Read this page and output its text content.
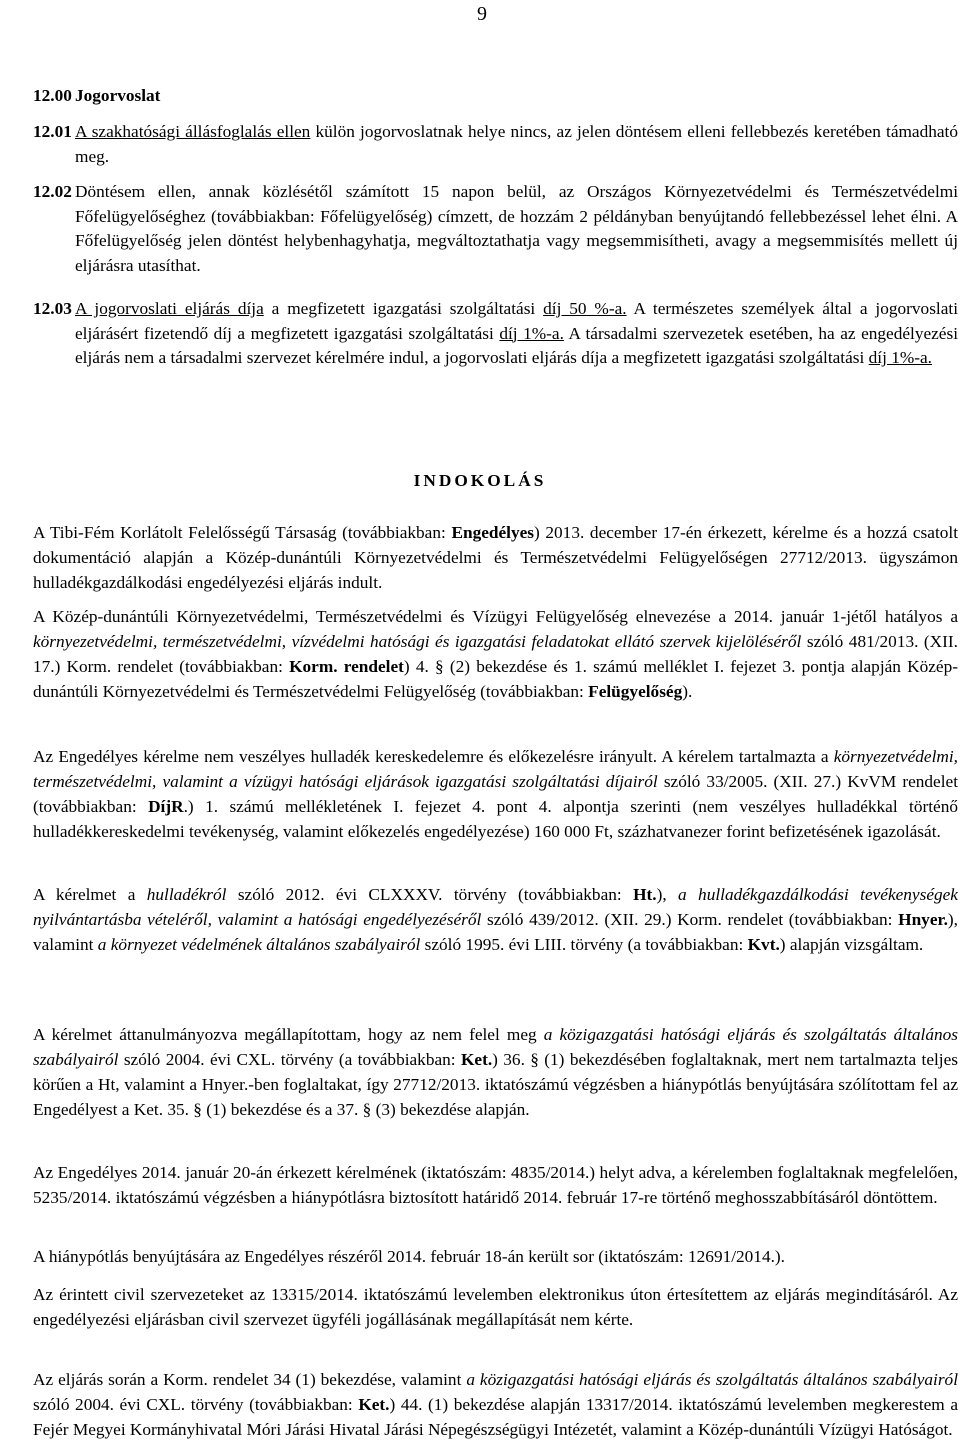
9
12.00 Jogorvoslat
12.01 A szakhatósági állásfoglalás ellen külön jogorvoslatnak helye nincs, az jelen döntésem elleni fellebbezés keretében támadható meg.
12.02 Döntésem ellen, annak közlésétől számított 15 napon belül, az Országos Környezetvédelmi és Természetvédelmi Főfelügyelőséghez (továbbiakban: Főfelügyelőség) címzett, de hozzám 2 példányban benyújtandó fellebbezéssel lehet élni. A Főfelügyelőség jelen döntést helybenhagyhatja, megváltoztathatja vagy megsemmisítheti, avagy a megsemmisítés mellett új eljárásra utasíthat.
12.03 A jogorvoslati eljárás díja a megfizetett igazgatási szolgáltatási díj 50 %-a. A természetes személyek által a jogorvoslati eljárásért fizetendő díj a megfizetett igazgatási szolgáltatási díj 1%-a. A társadalmi szervezetek esetében, ha az engedélyezési eljárás nem a társadalmi szervezet kérelmére indul, a jogorvoslati eljárás díja a megfizetett igazgatási szolgáltatási díj 1%-a.
INDOKOLÁS
A Tibi-Fém Korlátolt Felelősségű Társaság (továbbiakban: Engedélyes) 2013. december 17-én érkezett, kérelme és a hozzá csatolt dokumentáció alapján a Közép-dunántúli Környezetvédelmi és Természetvédelmi Felügyelőségen 27712/2013. ügyszámon hulladékgazdálkodási engedélyezési eljárás indult.
A Közép-dunántúli Környezetvédelmi, Természetvédelmi és Vízügyi Felügyelőség elnevezése a 2014. január 1-jétől hatályos a környezetvédelmi, természetvédelmi, vízvédelmi hatósági és igazgatási feladatokat ellátó szervek kijelöléséről szóló 481/2013. (XII. 17.) Korm. rendelet (továbbiakban: Korm. rendelet) 4. § (2) bekezdése és 1. számú melléklet I. fejezet 3. pontja alapján Közép- dunántúli Környezetvédelmi és Természetvédelmi Felügyelőség (továbbiakban: Felügyelőség).
Az Engedélyes kérelme nem veszélyes hulladék kereskedelemre és előkezelésre irányult. A kérelem tartalmazta a környezetvédelmi, természetvédelmi, valamint a vízügyi hatósági eljárások igazgatási szolgáltatási díjairól szóló 33/2005. (XII. 27.) KvVM rendelet (továbbiakban: DíjR.) 1. számú mellékletének I. fejezet 4. pont 4. alpontja szerinti (nem veszélyes hulladékkal történő hulladékkereskedelmi tevékenység, valamint előkezelés engedélyezése) 160 000 Ft, százhatvanezer forint befizetésének igazolását.
A kérelmet a hulladékról szóló 2012. évi CLXXXV. törvény (továbbiakban: Ht.), a hulladékgazdálkodási tevékenységek nyilvántartásba vételéről, valamint a hatósági engedélyezéséről szóló 439/2012. (XII. 29.) Korm. rendelet (továbbiakban: Hnyer.), valamint a környezet védelmének általános szabályairól szóló 1995. évi LIII. törvény (a továbbiakban: Kvt.) alapján vizsgáltam.
A kérelmet áttanulmányozva megállapítottam, hogy az nem felel meg a közigazgatási hatósági eljárás és szolgáltatás általános szabályairól szóló 2004. évi CXL. törvény (a továbbiakban: Ket.) 36. § (1) bekezdésében foglaltaknak, mert nem tartalmazta teljes körűen a Ht, valamint a Hnyer.-ben foglaltakat, így 27712/2013. iktatószámú végzésben a hiánypótlás benyújtására szólítottam fel az Engedélyest a Ket. 35. § (1) bekezdése és a 37. § (3) bekezdése alapján.
Az Engedélyes 2014. január 20-án érkezett kérelmének (iktatószám: 4835/2014.) helyt adva, a kérelemben foglaltaknak megfelelően, 5235/2014. iktatószámú végzésben a hiánypótlásra biztosított határidő 2014. február 17-re történő meghosszabbításáról döntöttem.
A hiánypótlás benyújtására az Engedélyes részéről 2014. február 18-án került sor (iktatószám: 12691/2014.).
Az érintett civil szervezeteket az 13315/2014. iktatószámú levelemben elektronikus úton értesítettem az eljárás megindításáról. Az engedélyezési eljárásban civil szervezet ügyféli jogállásának megállapítását nem kérte.
Az eljárás során a Korm. rendelet 34 (1) bekezdése, valamint a közigazgatási hatósági eljárás és szolgáltatás általános szabályairól szóló 2004. évi CXL. törvény (továbbiakban: Ket.) 44. (1) bekezdése alapján 13317/2014. iktatószámú levelemben megkerestem a Fejér Megyei Kormányhivatal Móri Járási Hivatal Járási Népegészségügyi Intézetét, valamint a Közép-dunántúli Vízügyi Hatóságot.
